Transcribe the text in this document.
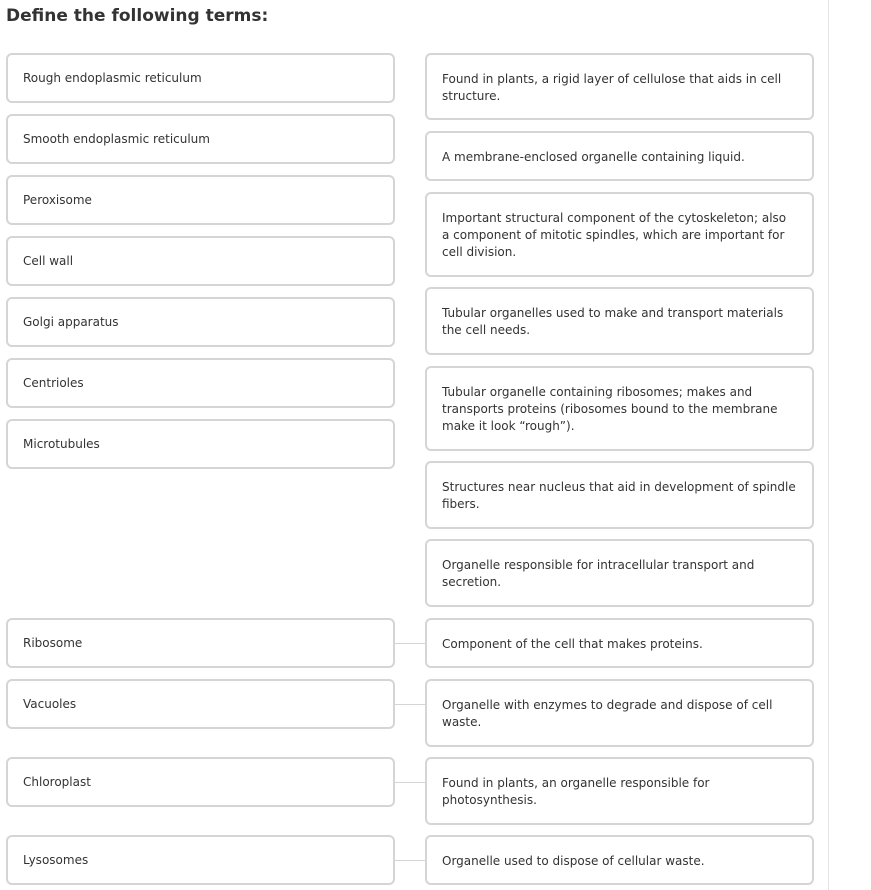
Define the following terms:
Rough endoplasmic reticulum
Smooth endoplasmic reticulum
Peroxisome
Cell wall
Golgi apparatus
Centrioles
Microtubules
Ribosome
Vacuoles
Chloroplast
Lysosomes
Found in plants, a rigid layer of cellulose that aids in cell structure.
A membrane-enclosed organelle containing liquid.
Important structural component of the cytoskeleton; also a component of mitotic spindles, which are important for cell division.
Tubular organelles used to make and transport materials the cell needs.
Tubular organelle containing ribosomes; makes and transports proteins (ribosomes bound to the membrane make it look “rough”).
Structures near nucleus that aid in development of spindle fibers.
Organelle responsible for intracellular transport and secretion.
Component of the cell that makes proteins.
Organelle with enzymes to degrade and dispose of cell waste.
Found in plants, an organelle responsible for photosynthesis.
Organelle used to dispose of cellular waste.
